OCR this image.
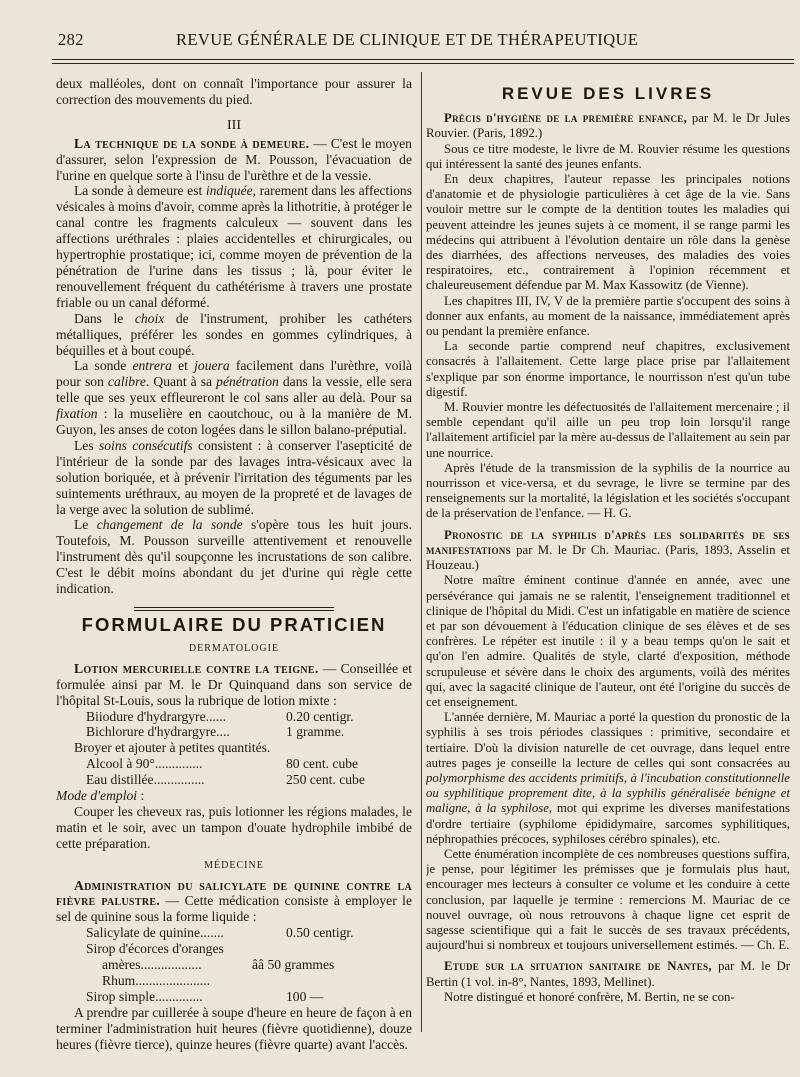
282	REVUE GÉNÉRALE DE CLINIQUE ET DE THÉRAPEUTIQUE

deux malléoles, dont on connaît l'importance pour assurer la correction des mouvements du pied.

III

La technique de la sonde à demeure. — C'est le moyen d'assurer, selon l'expression de M. Pousson, l'évacuation de l'urine en quelque sorte à l'insu de l'urèthre et de la vessie.

La sonde à demeure est indiquée, rarement dans les affections vésicales à moins d'avoir, comme après la lithotritie, à protéger le canal contre les fragments calculeux — souvent dans les affections uréthrales : plaies accidentelles et chirurgicales, ou hypertrophie prostatique; ici, comme moyen de prévention de la pénétration de l'urine dans les tissus ; là, pour éviter le renouvellement fréquent du cathétérisme à travers une prostate friable ou un canal déformé.

Dans le choix de l'instrument, prohiber les cathéters métalliques, préférer les sondes en gommes cylindriques, à béquilles et à bout coupé.

La sonde entrera et jouera facilement dans l'urèthre, voilà pour son calibre. Quant à sa pénétration dans la vessie, elle sera telle que ses yeux effleureront le col sans aller au delà. Pour sa fixation : la muselière en caoutchouc, ou à la manière de M. Guyon, les anses de coton logées dans le sillon balano-préputial.

Les soins consécutifs consistent : à conserver l'asepticité de l'intérieur de la sonde par des lavages intra-vésicaux avec la solution boriquée, et à prévenir l'irritation des téguments par les suintements uréthraux, au moyen de la propreté et de lavages de la verge avec la solution de sublimé.

Le changement de la sonde s'opère tous les huit jours. Toutefois, M. Pousson surveille attentivement et renouvelle l'instrument dès qu'il soupçonne les incrustations de son calibre. C'est le débit moins abondant du jet d'urine qui règle cette indication.

FORMULAIRE DU PRATICIEN

DERMATOLOGIE

Lotion mercurielle contre la teigne. — Conseillée et formulée ainsi par M. le Dr Quinquand dans son service de l'hôpital St-Louis, sous la rubrique de lotion mixte :

Biiodure d'hydrargyre......	0.20 centigr.
Bichlorure d'hydrargyre....	1 gramme.

Broyer et ajouter à petites quantités.

Alcool à 90°..............	80 cent. cube
Eau distillée...............	250 cent. cube

Mode d'emploi :

Couper les cheveux ras, puis lotionner les régions malades, le matin et le soir, avec un tampon d'ouate hydrophile imbibé de cette préparation.

MÉDECINE

Administration du salicylate de quinine contre la fièvre palustre. — Cette médication consiste à employer le sel de quinine sous la forme liquide :

Salicylate de quinine.......	0.50 centigr.
Sirop d'écorces d'oranges
amères..................	ââ 50 grammes
Rhum......................
Sirop simple..............	100 —

A prendre par cuillerée à soupe d'heure en heure de façon à en terminer l'administration huit heures (fièvre quotidienne), douze heures (fièvre tierce), quinze heures (fièvre quarte) avant l'accès.

REVUE DES LIVRES

Précis d'hygiène de la première enfance, par M. le Dr Jules Rouvier. (Paris, 1892.)

Sous ce titre modeste, le livre de M. Rouvier résume les questions qui intéressent la santé des jeunes enfants.

En deux chapitres, l'auteur repasse les principales notions d'anatomie et de physiologie particulières à cet âge de la vie. Sans vouloir mettre sur le compte de la dentition toutes les maladies qui peuvent atteindre les jeunes sujets à ce moment, il se range parmi les médecins qui attribuent à l'évolution dentaire un rôle dans la genèse des diarrhées, des affections nerveuses, des maladies des voies respiratoires, etc., contrairement à l'opinion récemment et chaleureusement défendue par M. Max Kassowitz (de Vienne).

Les chapitres III, IV, V de la première partie s'occupent des soins à donner aux enfants, au moment de la naissance, immédiatement après ou pendant la première enfance.

La seconde partie comprend neuf chapitres, exclusivement consacrés à l'allaitement. Cette large place prise par l'allaitement s'explique par son énorme importance, le nourrisson n'est qu'un tube digestif.

M. Rouvier montre les défectuosités de l'allaitement mercenaire ; il semble cependant qu'il aille un peu trop loin lorsqu'il range l'allaitement artificiel par la mère au-dessus de l'allaitement au sein par une nourrice.

Après l'étude de la transmission de la syphilis de la nourrice au nourrisson et vice-versa, et du sevrage, le livre se termine par des renseignements sur la mortalité, la législation et les sociétés s'occupant de la préservation de l'enfance. — H. G.

Pronostic de la syphilis d'après les solidarités de ses manifestations par M. le Dr Ch. Mauriac. (Paris, 1893, Asselin et Houzeau.)

Notre maître éminent continue d'année en année, avec une persévérance qui jamais ne se ralentit, l'enseignement traditionnel et clinique de l'hôpital du Midi. C'est un infatigable en matière de science et par son dévouement à l'éducation clinique de ses élèves et de ses confrères. Le répéter est inutile : il y a beau temps qu'on le sait et qu'on l'en admire. Qualités de style, clarté d'exposition, méthode scrupuleuse et sévère dans le choix des arguments, voilà des mérites qui, avec la sagacité clinique de l'auteur, ont été l'origine du succès de cet enseignement.

L'année dernière, M. Mauriac a porté la question du pronostic de la syphilis à ses trois périodes classiques : primitive, secondaire et tertiaire. D'où la division naturelle de cet ouvrage, dans lequel entre autres pages je conseille la lecture de celles qui sont consacrées au polymorphisme des accidents primitifs, à l'incubation constitutionnelle ou syphilitique proprement dite, à la syphilis généralisée bénigne et maligne, à la syphilose, mot qui exprime les diverses manifestations d'ordre tertiaire (syphilome épididymaire, sarcomes syphilitiques, néphropathies précoces, syphiloses cérébro spinales), etc.

Cette énumération incomplète de ces nombreuses questions suffira, je pense, pour légitimer les prémisses que je formulais plus haut, encourager mes lecteurs à consulter ce volume et les conduire à cette conclusion, par laquelle je termine : remercions M. Mauriac de ce nouvel ouvrage, où nous retrouvons à chaque ligne cet esprit de sagesse scientifique qui a fait le succès de ses travaux précédents, aujourd'hui si nombreux et toujours universellement estimés. — Ch. E.

Etude sur la situation sanitaire de Nantes, par M. le Dr Bertin (1 vol. in-8°, Nantes, 1893, Mellinet).

Notre distingué et honoré confrère, M. Bertin, ne se con-
